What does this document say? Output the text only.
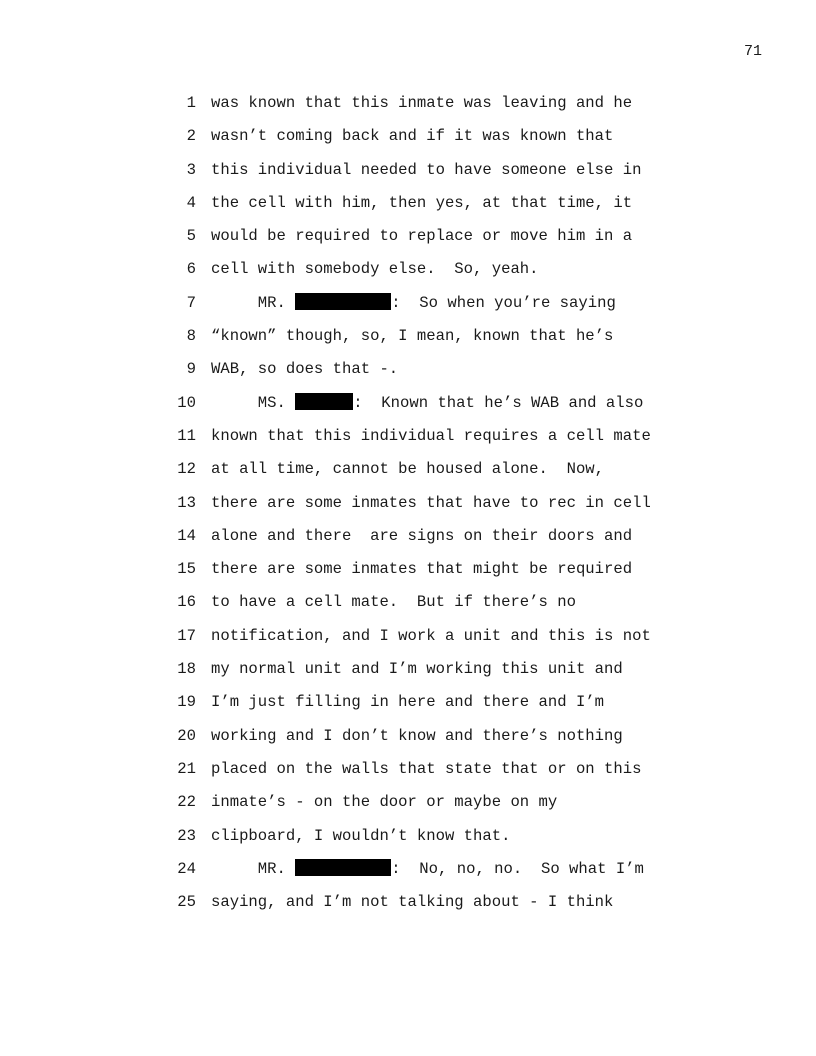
71

1

was known that this inmate was leaving and he

2

wasn’t coming back and if it was known that

3

this individual needed to have someone else in

4

the cell with him, then yes, at that time, it

5

would be required to replace or move him in a

6

cell with somebody else.  So, yeah.

7

MR.	:  So when you’re saying

8

“known” though, so, I mean, known that he’s

9

WAB, so does that -.

10

MS.	:  Known that he’s WAB and also

11

known that this individual requires a cell mate

12

at all time, cannot be housed alone.  Now,

13

there are some inmates that have to rec in cell

14

alone and there  are signs on their doors and

15

there are some inmates that might be required

16

to have a cell mate.  But if there’s no

17

notification, and I work a unit and this is not

18

my normal unit and I’m working this unit and

19

I’m just filling in here and there and I’m

20

working and I don’t know and there’s nothing

21

placed on the walls that state that or on this

22

inmate’s - on the door or maybe on my

23

clipboard, I wouldn’t know that.

24

MR.	:  No, no, no.  So what I’m

25

saying, and I’m not talking about - I think
